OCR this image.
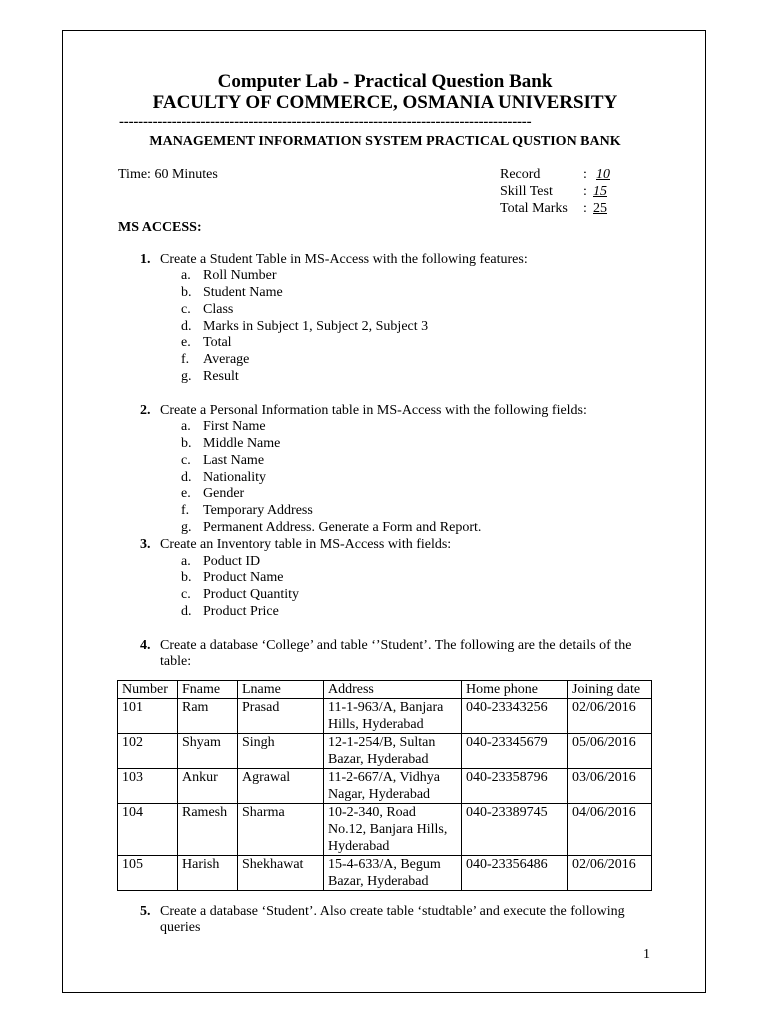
Computer Lab - Practical Question Bank
FACULTY OF COMMERCE, OSMANIA UNIVERSITY
--------------------------------------------------------------------------------------
MANAGEMENT INFORMATION SYSTEM PRACTICAL QUSTION BANK
Time: 60 Minutes	Record	: 10
Skill Test : 15
Total Marks : 25
MS ACCESS:
1. Create a Student Table in MS-Access with the following features:
a. Roll Number
b. Student Name
c. Class
d. Marks in Subject 1, Subject 2, Subject 3
e. Total
f. Average
g. Result
2. Create a Personal Information table in MS-Access with the following fields:
a. First Name
b. Middle Name
c. Last Name
d. Nationality
e. Gender
f. Temporary Address
g. Permanent Address. Generate a Form and Report.
3. Create an Inventory table in MS-Access with fields:
a. Poduct ID
b. Product Name
c. Product Quantity
d. Product Price
4. Create a database ‘College’ and table ‘’Student’. The following are the details of the
table:
Number	Fname	Lname	Address	Home phone	Joining date
101	Ram	Prasad	11-1-963/A, Banjara
Hills, Hyderabad	040-23343256	02/06/2016
102	Shyam	Singh	12-1-254/B, Sultan
Bazar, Hyderabad	040-23345679	05/06/2016
103	Ankur	Agrawal	11-2-667/A, Vidhya
Nagar, Hyderabad	040-23358796	03/06/2016
104	Ramesh	Sharma	10-2-340, Road
No.12, Banjara Hills,
Hyderabad	040-23389745	04/06/2016
105	Harish	Shekhawat	15-4-633/A, Begum
Bazar, Hyderabad	040-23356486	02/06/2016
5. Create a database ‘Student’. Also create table ‘studtable’ and execute the following
queries
1
